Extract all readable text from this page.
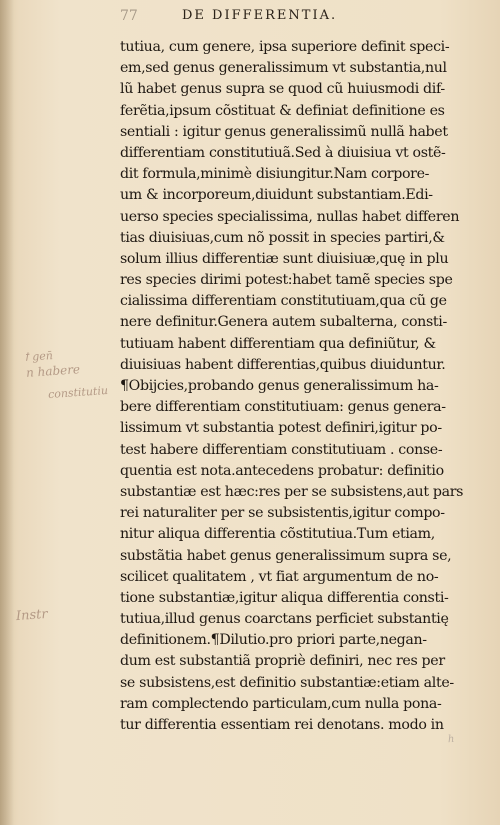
77	DE DIFFERENTIA.
ꝉ gen̄
n habere
constitutiu
Instr
h
tutiua, cum genere, ipsa superiore definit speci-
em,sed genus generalissimum vt substantia,nul
lũ habet genus supra se quod cũ huiusmodi dif-
ferẽtia,ipsum cõstituat & definiat definitione es
sentiali : igitur genus generalissimũ nullã habet
differentiam constitutiuã.Sed à diuisiua vt ostẽ-
dit formula,minimè disiungitur.Nam corpore-
um & incorporeum,diuidunt substantiam.Edi-
uerso species specialissima, nullas habet differen
tias diuisiuas,cum nõ possit in species partiri,&
solum illius differentiæ sunt diuisiuæ,quę in plu
res species dirimi potest:habet tamẽ species spe
cialissima differentiam constitutiuam,qua cũ ge
nere definitur.Genera autem subalterna, consti-
tutiuam habent differentiam qua definiũtur, &
diuisiuas habent differentias,quibus diuiduntur.
¶Obijcies,probando genus generalissimum ha-
bere differentiam constitutiuam: genus genera-
lissimum vt substantia potest definiri,igitur po-
test habere differentiam constitutiuam . conse-
quentia est nota.antecedens probatur: definitio
substantiæ est hæc:res per se subsistens,aut pars
rei naturaliter per se subsistentis,igitur compo-
nitur aliqua differentia cõstitutiua.Tum etiam,
substãtia habet genus generalissimum supra se,
scilicet qualitatem , vt fiat argumentum de no-
tione substantiæ,igitur aliqua differentia consti-
tutiua,illud genus coarctans perficiet substantię
definitionem.¶Dilutio.pro priori parte,negan-
dum est substantiã propriè definiri, nec res per
se subsistens,est definitio substantiæ:etiam alte-
ram complectendo particulam,cum nulla pona-
tur differentia essentiam rei denotans. modo in
